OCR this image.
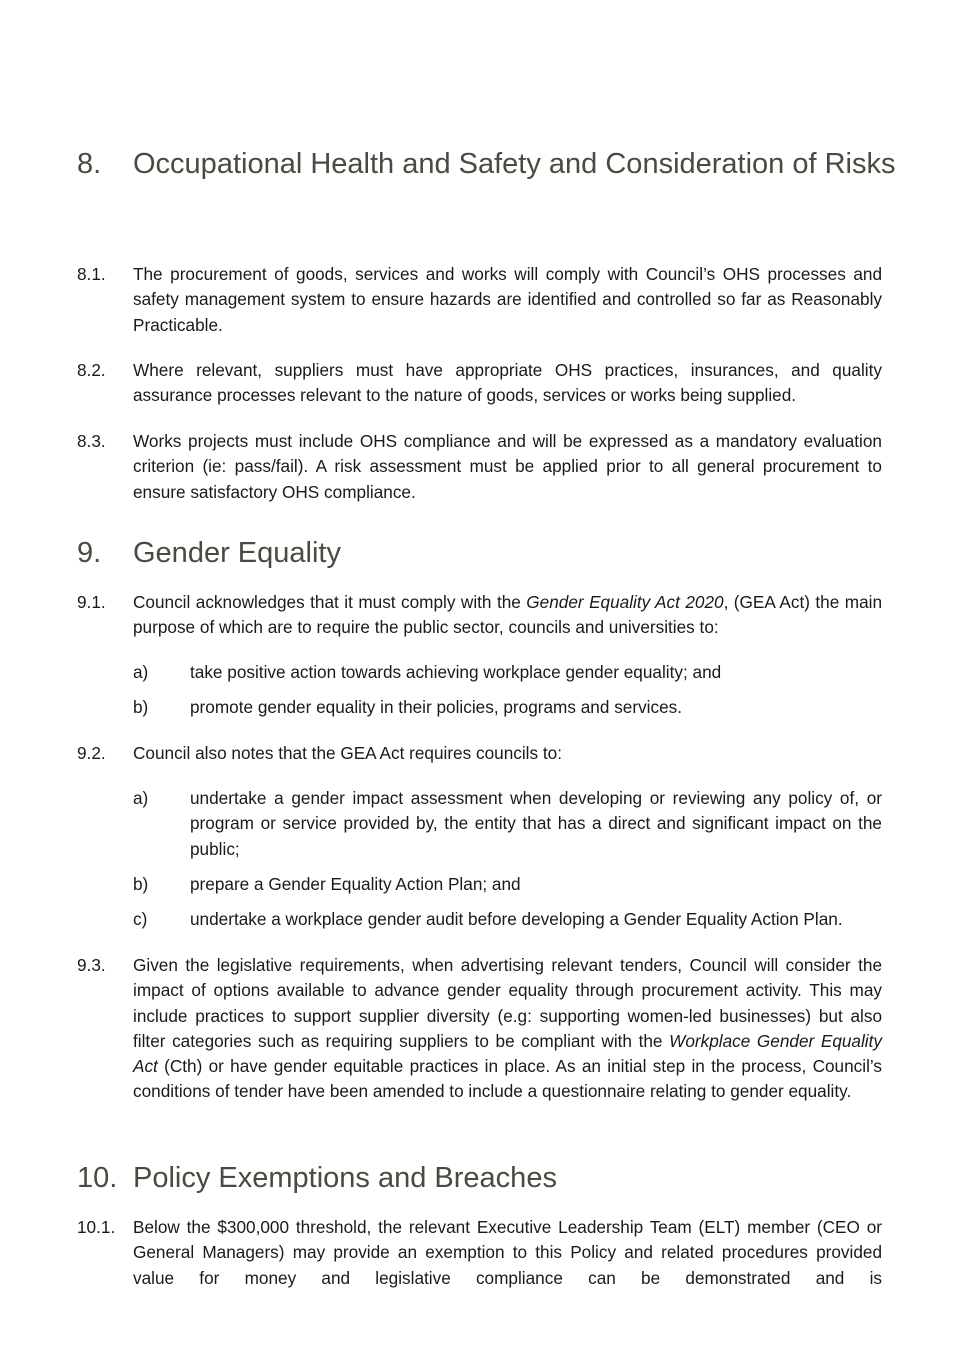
8.	Occupational Health and Safety and Consideration of Risks
8.1.	The procurement of goods, services and works will comply with Council’s OHS processes and safety management system to ensure hazards are identified and controlled so far as Reasonably Practicable.
8.2.	Where relevant, suppliers must have appropriate OHS practices, insurances, and quality assurance processes relevant to the nature of goods, services or works being supplied.
8.3.	Works projects must include OHS compliance and will be expressed as a mandatory evaluation criterion (ie: pass/fail). A risk assessment must be applied prior to all general procurement to ensure satisfactory OHS compliance.
9.	Gender Equality
9.1.	Council acknowledges that it must comply with the Gender Equality Act 2020, (GEA Act) the main purpose of which are to require the public sector, councils and universities to:
a)	take positive action towards achieving workplace gender equality; and
b)	promote gender equality in their policies, programs and services.
9.2.	Council also notes that the GEA Act requires councils to:
a)	undertake a gender impact assessment when developing or reviewing any policy of, or program or service provided by, the entity that has a direct and significant impact on the public;
b)	prepare a Gender Equality Action Plan; and
c)	undertake a workplace gender audit before developing a Gender Equality Action Plan.
9.3.	Given the legislative requirements, when advertising relevant tenders, Council will consider the impact of options available to advance gender equality through procurement activity. This may include practices to support supplier diversity (e.g: supporting women-led businesses) but also filter categories such as requiring suppliers to be compliant with the Workplace Gender Equality Act (Cth) or have gender equitable practices in place. As an initial step in the process, Council’s conditions of tender have been amended to include a questionnaire relating to gender equality.
10. Policy Exemptions and Breaches
10.1.	Below the $300,000 threshold, the relevant Executive Leadership Team (ELT) member (CEO or General Managers) may provide an exemption to this Policy and related procedures provided value for money and legislative compliance can be demonstrated and is
